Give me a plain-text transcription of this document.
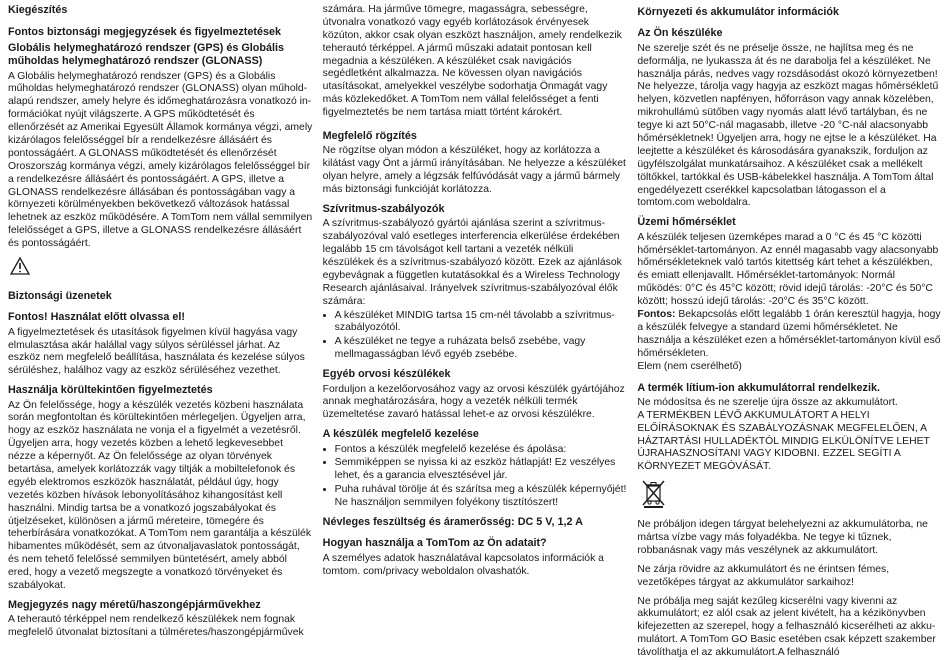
Kiegészítés
Fontos biztonsági megjegyzések és figyelmeztetések
Globális helymeghatározó rendszer (GPS) és Globális műholdas helymeghatározó rendszer (GLONASS)

A Globális helymeghatározó rendszer (GPS) és a Globális műholdas helymeghatározó rendszer (GLONASS) olyan műhold-alapú rendszer, amely helyre és időmeghatározásra vonatkozó in-formációkat nyújt világszerte. A GPS működtetését és ellenőrzését az Amerikai Egyesült Államok kormánya végzi, amely kizárólagos felelősséggel bír a rendelkezésre állásáért és pontosságáért. A GLONASS működtetését és ellenőrzését Oroszország kormánya végzi, amely kizárólagos felelősséggel bír a rendelkezésre állásáért és pontosságáért. A GPS, illetve a GLONASS rendelkezésre állásában és pontosságában vagy a környezeti körülményekben bekövetkező változások hatással lehetnek az eszköz működésére. A TomTom nem vállal semmilyen felelősséget a GPS, illetve a GLONASS rendelkezésre állásáért és pontosságáért.

Biztonsági üzenetek
Fontos! Használat előtt olvassa el!

A figyelmeztetések és utasítások figyelmen kívül hagyása vagy elmulasztása akár halállal vagy súlyos sérüléssel járhat. Az eszköz nem megfelelő beállítása, használata és kezelése súlyos sérüléshez, halálhoz vagy az eszköz sérüléséhez vezethet.

Használja körültekintően figyelmeztetés

Az Ön felelőssége, hogy a készülék vezetés közbeni használata során megfontoltan és körültekintően mérlegeljen. Ügyeljen arra, hogy az eszköz használata ne vonja el a figyelmét a vezetésről. Ügyeljen arra, hogy vezetés közben a lehető legkevesebbet nézze a képernyőt. Az Ön felelőssége az olyan törvények betartása, amelyek korlátozzák vagy tiltják a mobiltelefonok és egyéb elektromos eszközök használatát, például úgy, hogy vezetés közben hívások lebonyolításához kihangosítást kell használni. Mindig tartsa be a vonatkozó jogszabályokat és útjelzéseket, különösen a jármű méreteire, tömegére és teherbírására vonatkozókat. A TomTom nem garantálja a készülék hibamentes működését, sem az útvonaljavaslatok pontosságát, és nem tehető felelőssé semmilyen büntetésért, amely abból ered, hogy a vezető megszegte a vonatkozó törvényeket és szabályokat.

Megjegyzés nagy méretű/haszongépjárművekhez

A teherautó térképpel nem rendelkező készülékek nem fognak megfelelő útvonalat biztosítani a túlméretes/haszongépjárművek

számára. Ha járműve tömegre, magasságra, sebességre, útvonalra vonatkozó vagy egyéb korlátozások érvényesek közúton, akkor csak olyan eszközt használjon, amely rendelkezik teherautó térképpel. A jármű műszaki adatait pontosan kell megadnia a készüléken. A készüléket csak navigációs segédletként alkalmazza. Ne kövessen olyan navigációs utasításokat, amelyekkel veszélybe sodorhatja Önmagát vagy más közlekedőket. A TomTom nem vállal felelősséget a fenti figyelmeztetés be nem tartása miatt történt károkért.

Megfelelő rögzítés

Ne rögzítse olyan módon a készüléket, hogy az korlátozza a kilátást vagy Önt a jármű irányításában. Ne helyezze a készüléket olyan helyre, amely a légzsák felfúvódását vagy a jármű bármely más biztonsági funkcióját korlátozza.

Szívritmus-szabályozók

A szívritmus-szabályozó gyártói ajánlása szerint a szívritmus-szabályozóval való esetleges interferencia elkerülése érdekében legalább 15 cm távolságot kell tartani a vezeték nélküli készülékek és a szívritmus-szabályozó között. Ezek az ajánlások egybevágnak a független kutatásokkal és a Wireless Technology Research ajánlásaival. Irányelvek szívritmus-szabályozóval élők számára:

• A készüléket MINDIG tartsa 15 cm-nél távolabb a szívritmus-szabályozótól.
• A készüléket ne tegye a ruházata belső zsebébe, vagy mellmagasságban lévő egyéb zsebébe.
Egyéb orvosi készülékek

Forduljon a kezelőorvosához vagy az orvosi készülék gyártójához annak meghatározására, hogy a vezeték nélküli termék üzemeltetése zavaró hatással lehet-e az orvosi készülékre.

A készülék megfelelő kezelése
• Fontos a készülék megfelelő kezelése és ápolása:
• Semmiképpen se nyissa ki az eszköz hátlapját! Ez veszélyes lehet, és a garancia elvesztésével jár.
• Puha ruhával törölje át és szárítsa meg a készülék képernyőjét! Ne használjon semmilyen folyékony tisztítószert!
Névleges feszültség és áramerősség: DC 5 V, 1,2 A
Hogyan használja a TomTom az Ön adatait?

A személyes adatok használatával kapcsolatos információk a tomtom. com/privacy weboldalon olvashatók.

Környezeti és akkumulátor információk
Az Ön készüléke

Ne szerelje szét és ne préselje össze, ne hajlítsa meg és ne deformálja, ne lyukassza át és ne darabolja fel a készüléket. Ne használja párás, nedves vagy rozsdásodást okozó környezetben! Ne helyezze, tárolja vagy hagyja az eszközt magas hőmérsékletű helyen, közvetlen napfényen, hőforráson vagy annak közelében, mikrohullámú sütőben vagy nyomás alatt lévő tartályban, és ne tegye ki azt 50°C-nál magasabb, illetve -20 °C-nál alacsonyabb hőmérsékletnek! Ügyeljen arra, hogy ne ejtse le a készüléket. Ha leejtette a készüléket és károsodására gyanakszik, forduljon az ügyfélszolgálat munkatársaihoz. A készüléket csak a mellékelt töltőkkel, tartókkal és USB-kábelekkel használja. A TomTom által engedélyezett cserékkel kapcsolatban látogasson el a tomtom.com weboldalra.

Üzemi hőmérséklet

A készülék teljesen üzemképes marad a 0 °C és 45 °C közötti hőmérséklet-tartományon. Az ennél magasabb vagy alacsonyabb hőmérsékleteknek való tartós kitettség kárt tehet a készülékben, és emiatt ellenjavallt. Hőmérséklet-tartományok: Normál működés: 0°C és 45°C között; rövid idejű tárolás: -20°C és 50°C között; hosszú idejű tárolás: -20°C és 35°C között.

Fontos: Bekapcsolás előtt legalább 1 órán keresztül hagyja, hogy a készülék felvegye a standard üzemi hőmérsékletet. Ne használja a készüléket ezen a hőmérséklet-tartományon kívül eső hőmérsékleten.

Elem (nem cserélhető)

A termék lítium-ion akkumulátorral rendelkezik.

Ne módosítsa és ne szerelje újra össze az akkumulátort.

A TERMÉKBEN LÉVŐ AKKUMULÁTORT A HELYI ELŐÍRÁSOKNAK ÉS SZABÁLYOZÁSNAK MEGFELELŐEN, A HÁZTARTÁSI HULLADÉKTÓL MINDIG ELKÜLÖNÍTVE LEHET ÚJRAHASZNOSÍTANI VAGY KIDOBNI. EZZEL SEGÍTI A KÖRNYEZET MEGÓVÁSÁT.

Ne próbáljon idegen tárgyat belehelyezni az akkumulátorba, ne mártsa vízbe vagy más folyadékba. Ne tegye ki tűznek, robbanásnak vagy más veszélynek az akkumulátort.

Ne zárja rövidre az akkumulátort és ne érintsen fémes, vezetőképes tárgyat az akkumulátor sarkaihoz!

Ne próbálja meg saját kezűleg kicserélni vagy kivenni az akkumulátort; ez alól csak az jelent kivételt, ha a kézikönyvben kifejezetten az szerepel, hogy a felhasználó kicserélheti az akku-mulátort. A TomTom GO Basic esetében csak képzett szakember távolíthatja el az akkumulátort.A felhasználó
